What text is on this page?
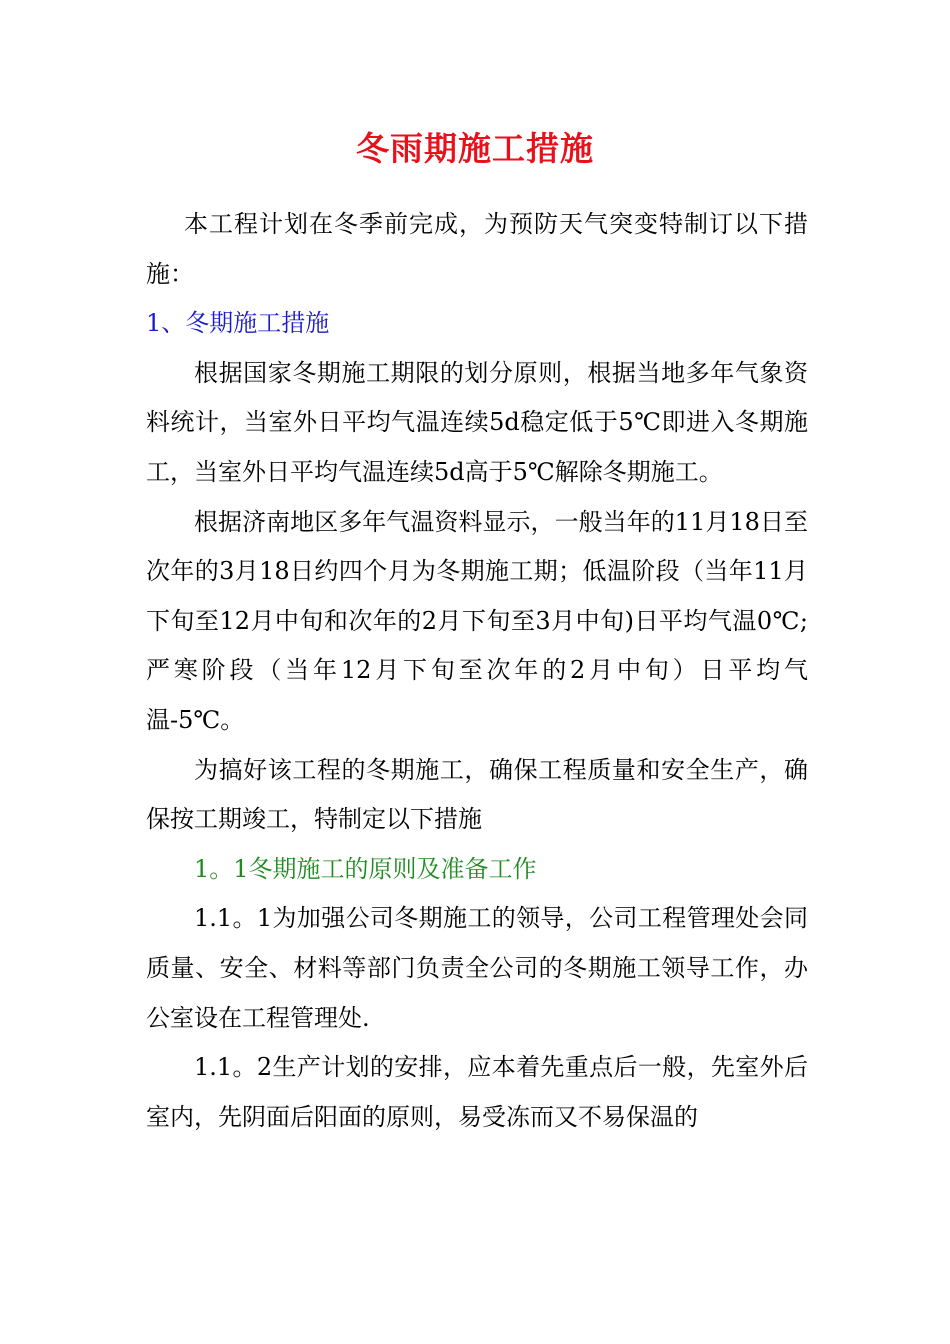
冬雨期施工措施

本工程计划在冬季前完成，为预防天气突变特制订以下措施：

1、冬期施工措施

根据国家冬期施工期限的划分原则，根据当地多年气象资料统计，当室外日平均气温连续5d稳定低于5℃即进入冬期施工，当室外日平均气温连续5d高于5℃解除冬期施工。

根据济南地区多年气温资料显示，一般当年的11月18日至次年的3月18日约四个月为冬期施工期；低温阶段（当年11月下旬至12月中旬和次年的2月下旬至3月中旬)日平均气温0℃;严寒阶段（当年12月下旬至次年的2月中旬）日平均气温-5℃。

为搞好该工程的冬期施工，确保工程质量和安全生产，确保按工期竣工，特制定以下措施

1。1冬期施工的原则及准备工作

1.1。1为加强公司冬期施工的领导，公司工程管理处会同质量、安全、材料等部门负责全公司的冬期施工领导工作，办公室设在工程管理处.

1.1。2生产计划的安排，应本着先重点后一般，先室外后室内，先阴面后阳面的原则，易受冻而又不易保温的
